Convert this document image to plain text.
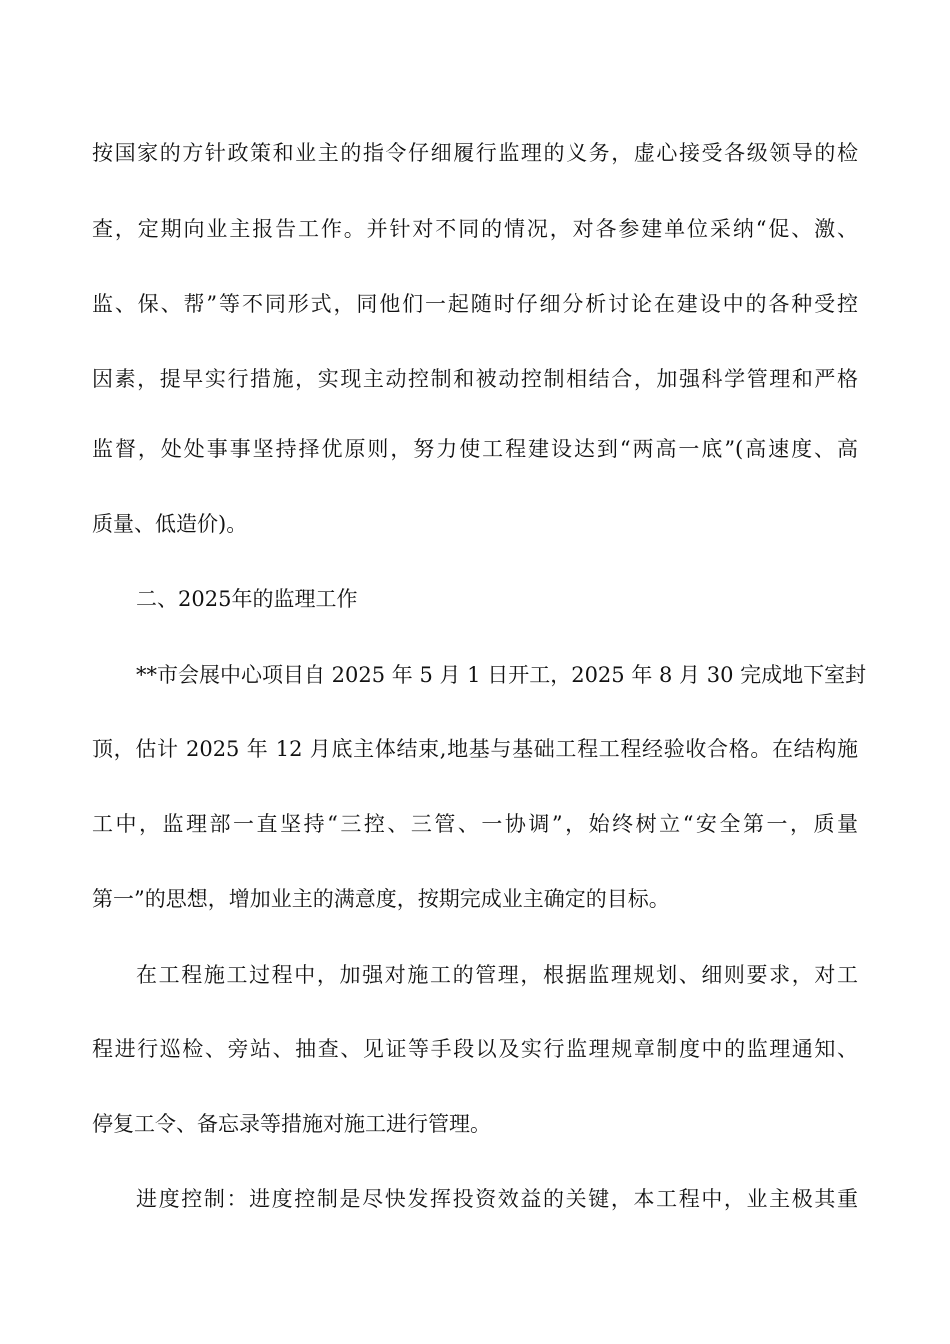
按国家的方针政策和业主的指令仔细履行监理的义务，虚心接受各级领导的检
查，定期向业主报告工作。并针对不同的情况，对各参建单位采纳“促、激、
监、保、帮”等不同形式，同他们一起随时仔细分析讨论在建设中的各种受控
因素，提早实行措施，实现主动控制和被动控制相结合，加强科学管理和严格
监督，处处事事坚持择优原则，努力使工程建设达到“两高一底”(高速度、高
质量、低造价)。
二、2025年的监理工作
**市会展中心项目自 2025 年 5 月 1 日开工，2025 年 8 月 30 完成地下室封
顶，估计 2025 年 12 月底主体结束,地基与基础工程工程经验收合格。在结构施
工中，监理部一直坚持“三控、三管、一协调”，始终树立“安全第一，质量
第一”的思想，增加业主的满意度，按期完成业主确定的目标。
在工程施工过程中，加强对施工的管理，根据监理规划、细则要求，对工
程进行巡检、旁站、抽查、见证等手段以及实行监理规章制度中的监理通知、
停复工令、备忘录等措施对施工进行管理。
进度控制：进度控制是尽快发挥投资效益的关键，本工程中，业主极其重
